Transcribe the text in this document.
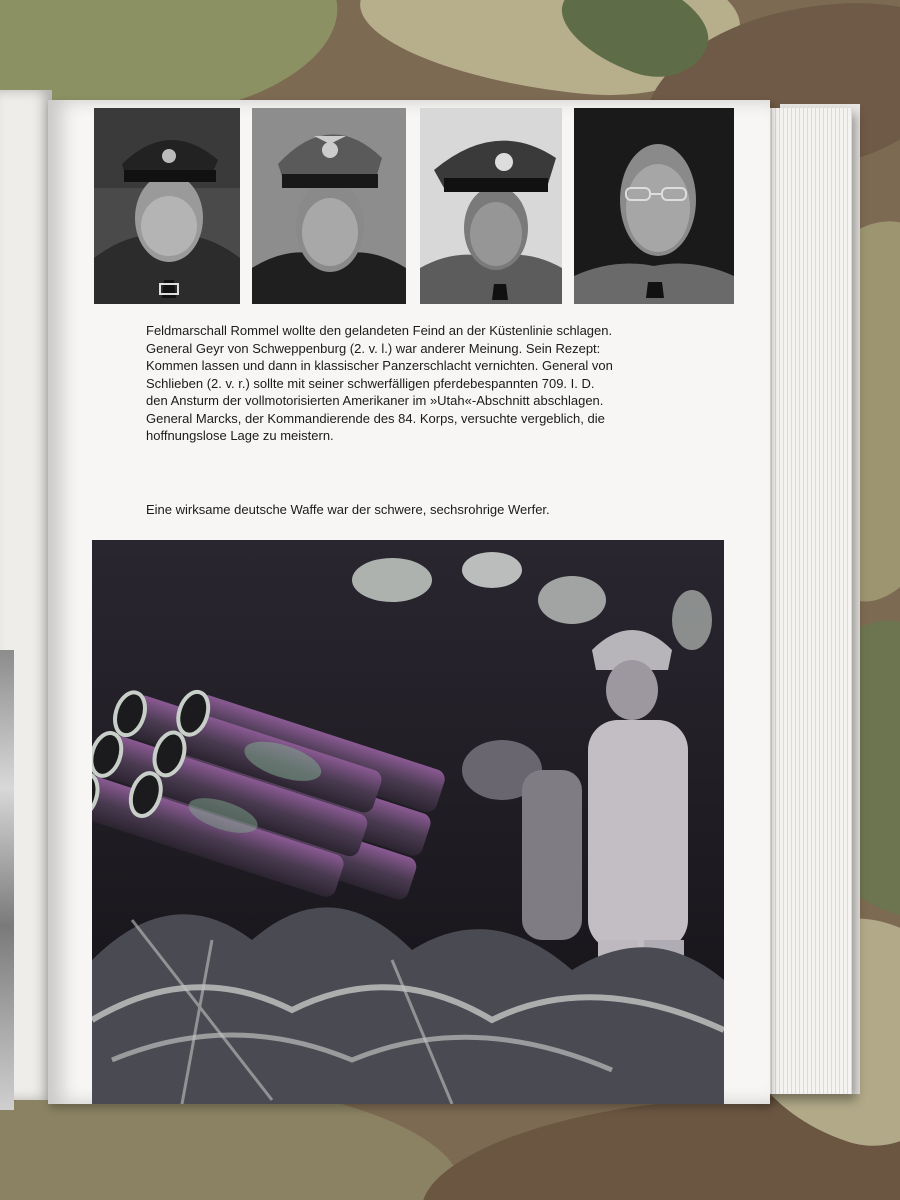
Feldmarschall Rommel wollte den gelandeten Feind an der Küstenlinie schlagen.
General Geyr von Schweppenburg (2. v. l.) war anderer Meinung. Sein Rezept:
Kommen lassen und dann in klassischer Panzerschlacht vernichten. General von
Schlieben (2. v. r.) sollte mit seiner schwerfälligen pferdebespannten 709. I. D.
den Ansturm der vollmotorisierten Amerikaner im »Utah«-Abschnitt abschlagen.
General Marcks, der Kommandierende des 84. Korps, versuchte vergeblich, die
hoffnungslose Lage zu meistern.
Eine wirksame deutsche Waffe war der schwere, sechsrohrige Werfer.
